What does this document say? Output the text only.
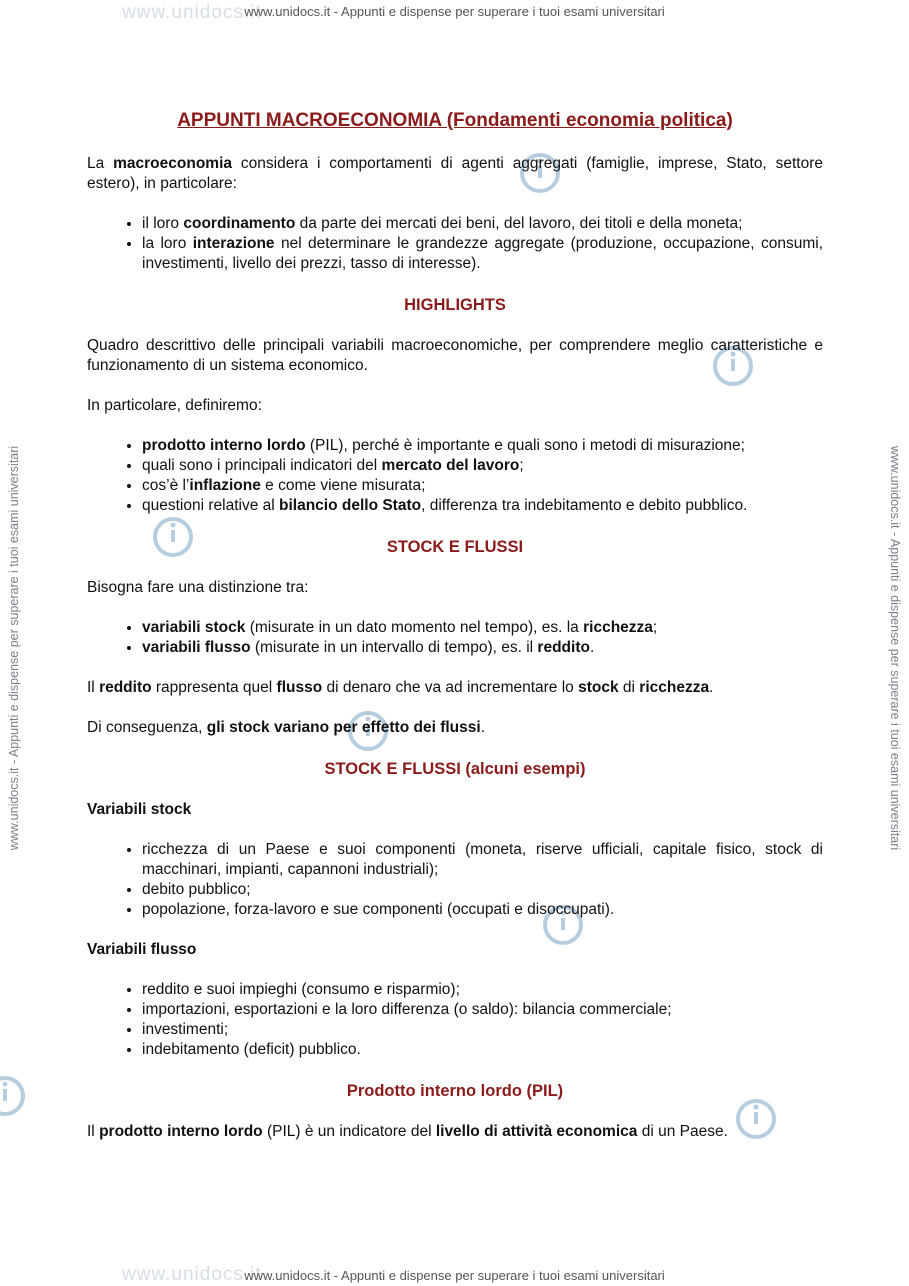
www.unidocs.it
www.unidocs.it
www.unidocs.it - Appunti e dispense per superare i tuoi esami universitari
www.unidocs.it - Appunti e dispense per superare i tuoi esami universitari
www.unidocs.it - Appunti e dispense per superare i tuoi esami universitari	www.unidocs.it - Appunti e dispense per superare i tuoi esami universitari
APPUNTI MACROECONOMIA (Fondamenti economia politica)

La macroeconomia considera i comportamenti di agenti aggregati (famiglie, imprese, Stato, settore estero), in particolare:

• il loro coordinamento da parte dei mercati dei beni, del lavoro, dei titoli e della moneta;
• la loro interazione nel determinare le grandezze aggregate (produzione, occupazione, consumi, investimenti, livello dei prezzi, tasso di interesse).
HIGHLIGHTS

Quadro descrittivo delle principali variabili macroeconomiche, per comprendere meglio caratteristiche e funzionamento di un sistema economico.

In particolare, definiremo:

• prodotto interno lordo (PIL), perché è importante e quali sono i metodi di misurazione;
• quali sono i principali indicatori del mercato del lavoro;
• cos’è l’inflazione e come viene misurata;
• questioni relative al bilancio dello Stato, differenza tra indebitamento e debito pubblico.
STOCK E FLUSSI

Bisogna fare una distinzione tra:

• variabili stock (misurate in un dato momento nel tempo), es. la ricchezza;
• variabili flusso (misurate in un intervallo di tempo), es. il reddito.

Il reddito rappresenta quel flusso di denaro che va ad incrementare lo stock di ricchezza.

Di conseguenza, gli stock variano per effetto dei flussi.

STOCK E FLUSSI (alcuni esempi)
Variabili stock
• ricchezza di un Paese e suoi componenti (moneta, riserve ufficiali, capitale fisico, stock di macchinari, impianti, capannoni industriali);
• debito pubblico;
• popolazione, forza-lavoro e sue componenti (occupati e disoccupati).
Variabili flusso
• reddito e suoi impieghi (consumo e risparmio);
• importazioni, esportazioni e la loro differenza (o saldo): bilancia commerciale;
• investimenti;
• indebitamento (deficit) pubblico.
Prodotto interno lordo (PIL)

Il prodotto interno lordo (PIL) è un indicatore del livello di attività economica di un Paese.
